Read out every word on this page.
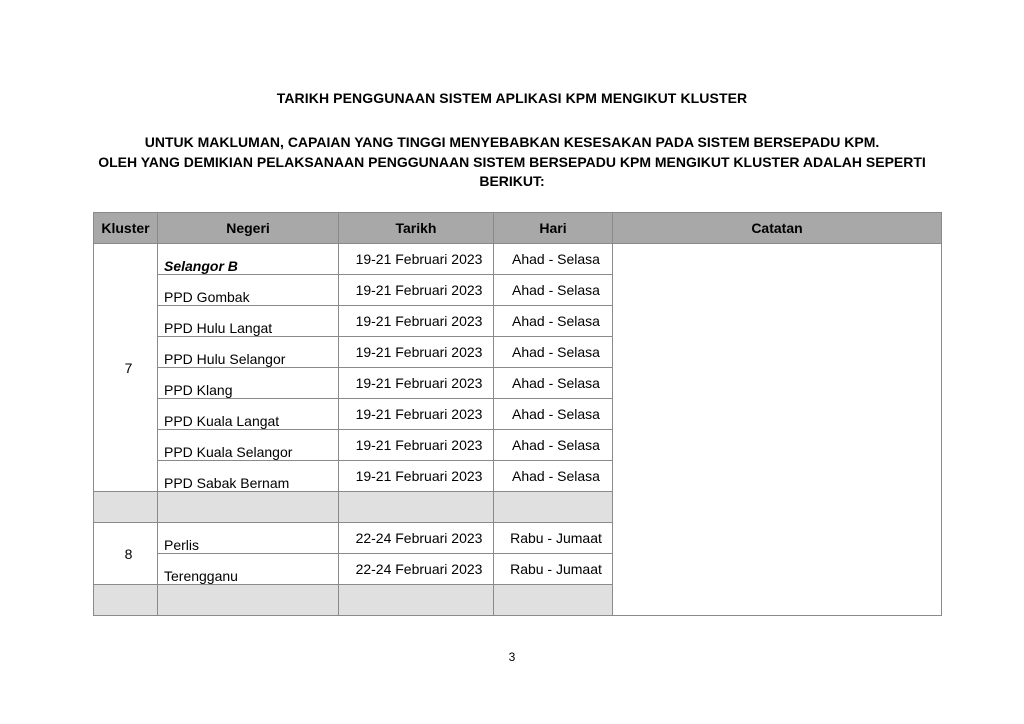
TARIKH PENGGUNAAN SISTEM APLIKASI KPM MENGIKUT KLUSTER
UNTUK MAKLUMAN, CAPAIAN YANG TINGGI MENYEBABKAN KESESAKAN PADA SISTEM BERSEPADU KPM.
OLEH YANG DEMIKIAN PELAKSANAAN PENGGUNAAN SISTEM BERSEPADU KPM MENGIKUT KLUSTER ADALAH SEPERTI
BERIKUT:
Kluster	Negeri	Tarikh	Hari	Catatan
7	Selangor B	19-21 Februari 2023	Ahad - Selasa	
	PPD Gombak	19-21 Februari 2023	Ahad - Selasa	
	PPD Hulu Langat	19-21 Februari 2023	Ahad - Selasa	
	PPD Hulu Selangor	19-21 Februari 2023	Ahad - Selasa	
	PPD Klang	19-21 Februari 2023	Ahad - Selasa	
	PPD Kuala Langat	19-21 Februari 2023	Ahad - Selasa	
	PPD Kuala Selangor	19-21 Februari 2023	Ahad - Selasa	
	PPD Sabak Bernam	19-21 Februari 2023	Ahad - Selasa	

8	Perlis	22-24 Februari 2023	Rabu - Jumaat	
	Terengganu	22-24 Februari 2023	Rabu - Jumaat	

3
